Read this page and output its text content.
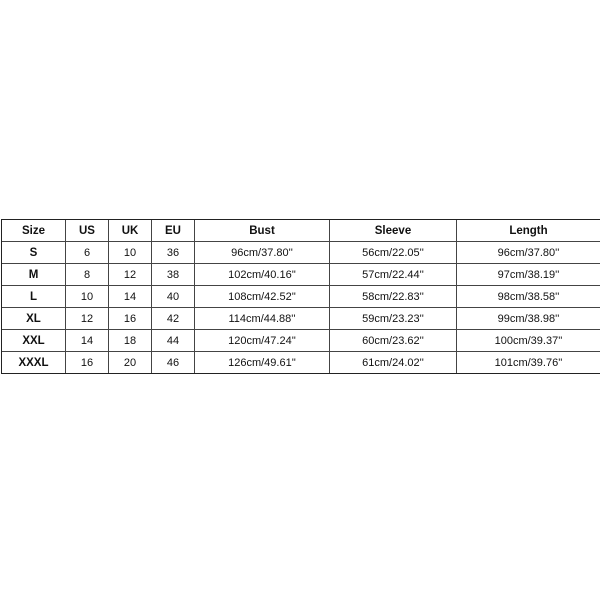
Size	US	UK	EU	Bust	Sleeve	Length
S	6	10	36	96cm/37.80''	56cm/22.05''	96cm/37.80''
M	8	12	38	102cm/40.16''	57cm/22.44''	97cm/38.19''
L	10	14	40	108cm/42.52''	58cm/22.83''	98cm/38.58''
XL	12	16	42	114cm/44.88''	59cm/23.23''	99cm/38.98''
XXL	14	18	44	120cm/47.24''	60cm/23.62''	100cm/39.37''
XXXL	16	20	46	126cm/49.61''	61cm/24.02''	101cm/39.76''
